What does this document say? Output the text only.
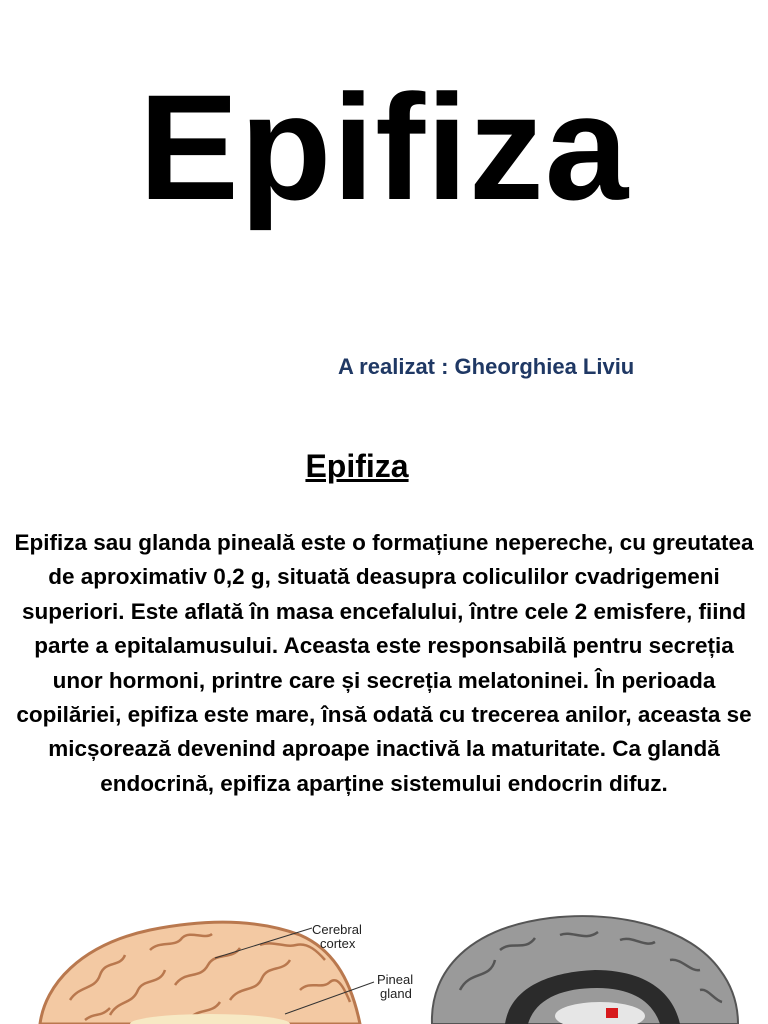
Epifiza
A realizat : Gheorghiea Liviu
Epifiza

Epifiza sau glanda pineală este o formațiune nepereche, cu greutatea de aproximativ 0,2 g, situată deasupra coliculilor cvadrigemeni superiori. Este aflată în masa encefalului, între cele 2 emisfere, fiind parte a epitalamusului. Aceasta este responsabilă pentru secreția unor hormoni, printre care și secreția melatoninei. În perioada copilăriei, epifiza este mare, însă odată cu trecerea anilor, aceasta se micșorează devenind aproape inactivă la maturitate. Ca glandă endocrină, epifiza aparține sistemului endocrin difuz.

Cerebral
cortex
Pineal
gland
